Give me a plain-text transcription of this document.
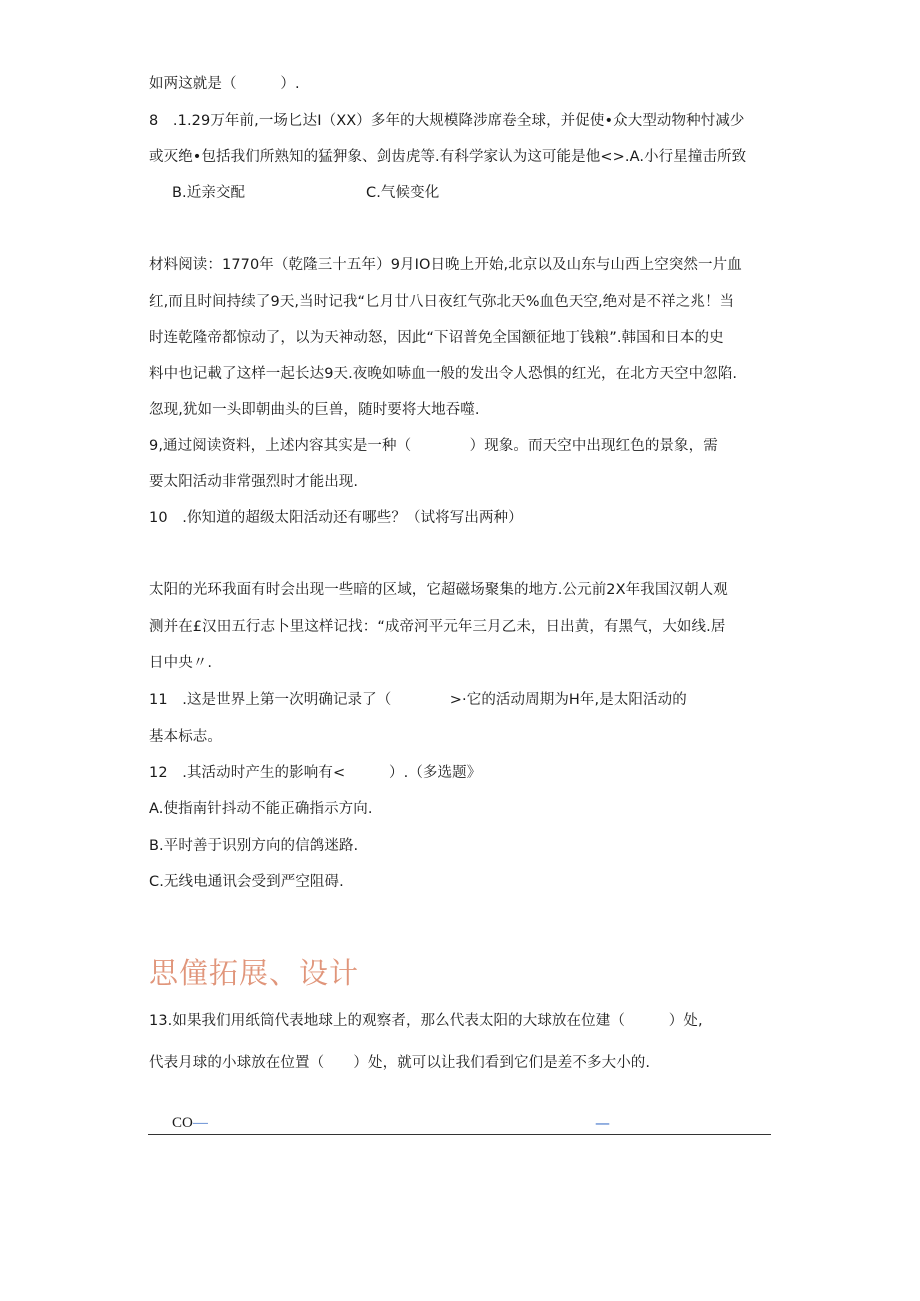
如两这就是（　　　）.
8　.1.29万年前,一场匕达I（XX）多年的大规模降涉席卷全球，并促使•众大型动物种忖减少
或灭绝•包括我们所熟知的猛狎象、剑齿虎等.有科学家认为这可能是他<>.A.小行星撞击所致
B.近亲交配	C.气候变化
材料阅读：1770年（乾隆三十五年）9月IO日晚上开始,北京以及山东与山西上空突然一片血
红,而且时间持续了9天,当时记我“匕月廿八日夜红气弥北天%血色天空,绝对是不祥之兆！当
时连乾隆帝都惊动了，以为天神动怒，因此“下诏普免全国额征地丁钱粮”.韩国和日本的史
料中也记載了这样一起长达9天.夜晚如哧血一般的发出令人恐惧的红光，在北方天空中忽陷.
忽现,犹如一头即朝曲头的巨兽，随时要将大地吞噬.
9,通过阅读资料，上述内容其实是一种（　　　　）现象。而天空中出现红色的景象，需
要太阳活动非常强烈时才能出现.
10　.你知道的超级太阳活动还有哪些？（试将写出两种）
太阳的光环我面有时会出现一些暗的区域，它超磁场聚集的地方.公元前2X年我国汉朝人观
测并在£汉田五行志卜里这样记找：“成帝河平元年三月乙未，日出黄，有黑气，大如线.居
日中央〃.
11　.这是世界上第一次明确记录了（　　　　>·它的活动周期为H年,是太阳活动的
基本标志。
12　.其活动时产生的影响有<　　　）.（多选题》
A.使指南针抖动不能正确指示方向.
B.平时善于识别方向的信鸽迷路.
C.无线电通讯会受到严空阻碍.
思僮拓展、设计
13.如果我们用纸筒代表地球上的观察者，那么代表太阳的大球放在位建（　　　）处,
代表月球的小球放在位置（　　）处，就可以让我们看到它们是差不多大小的.
CO—	—
